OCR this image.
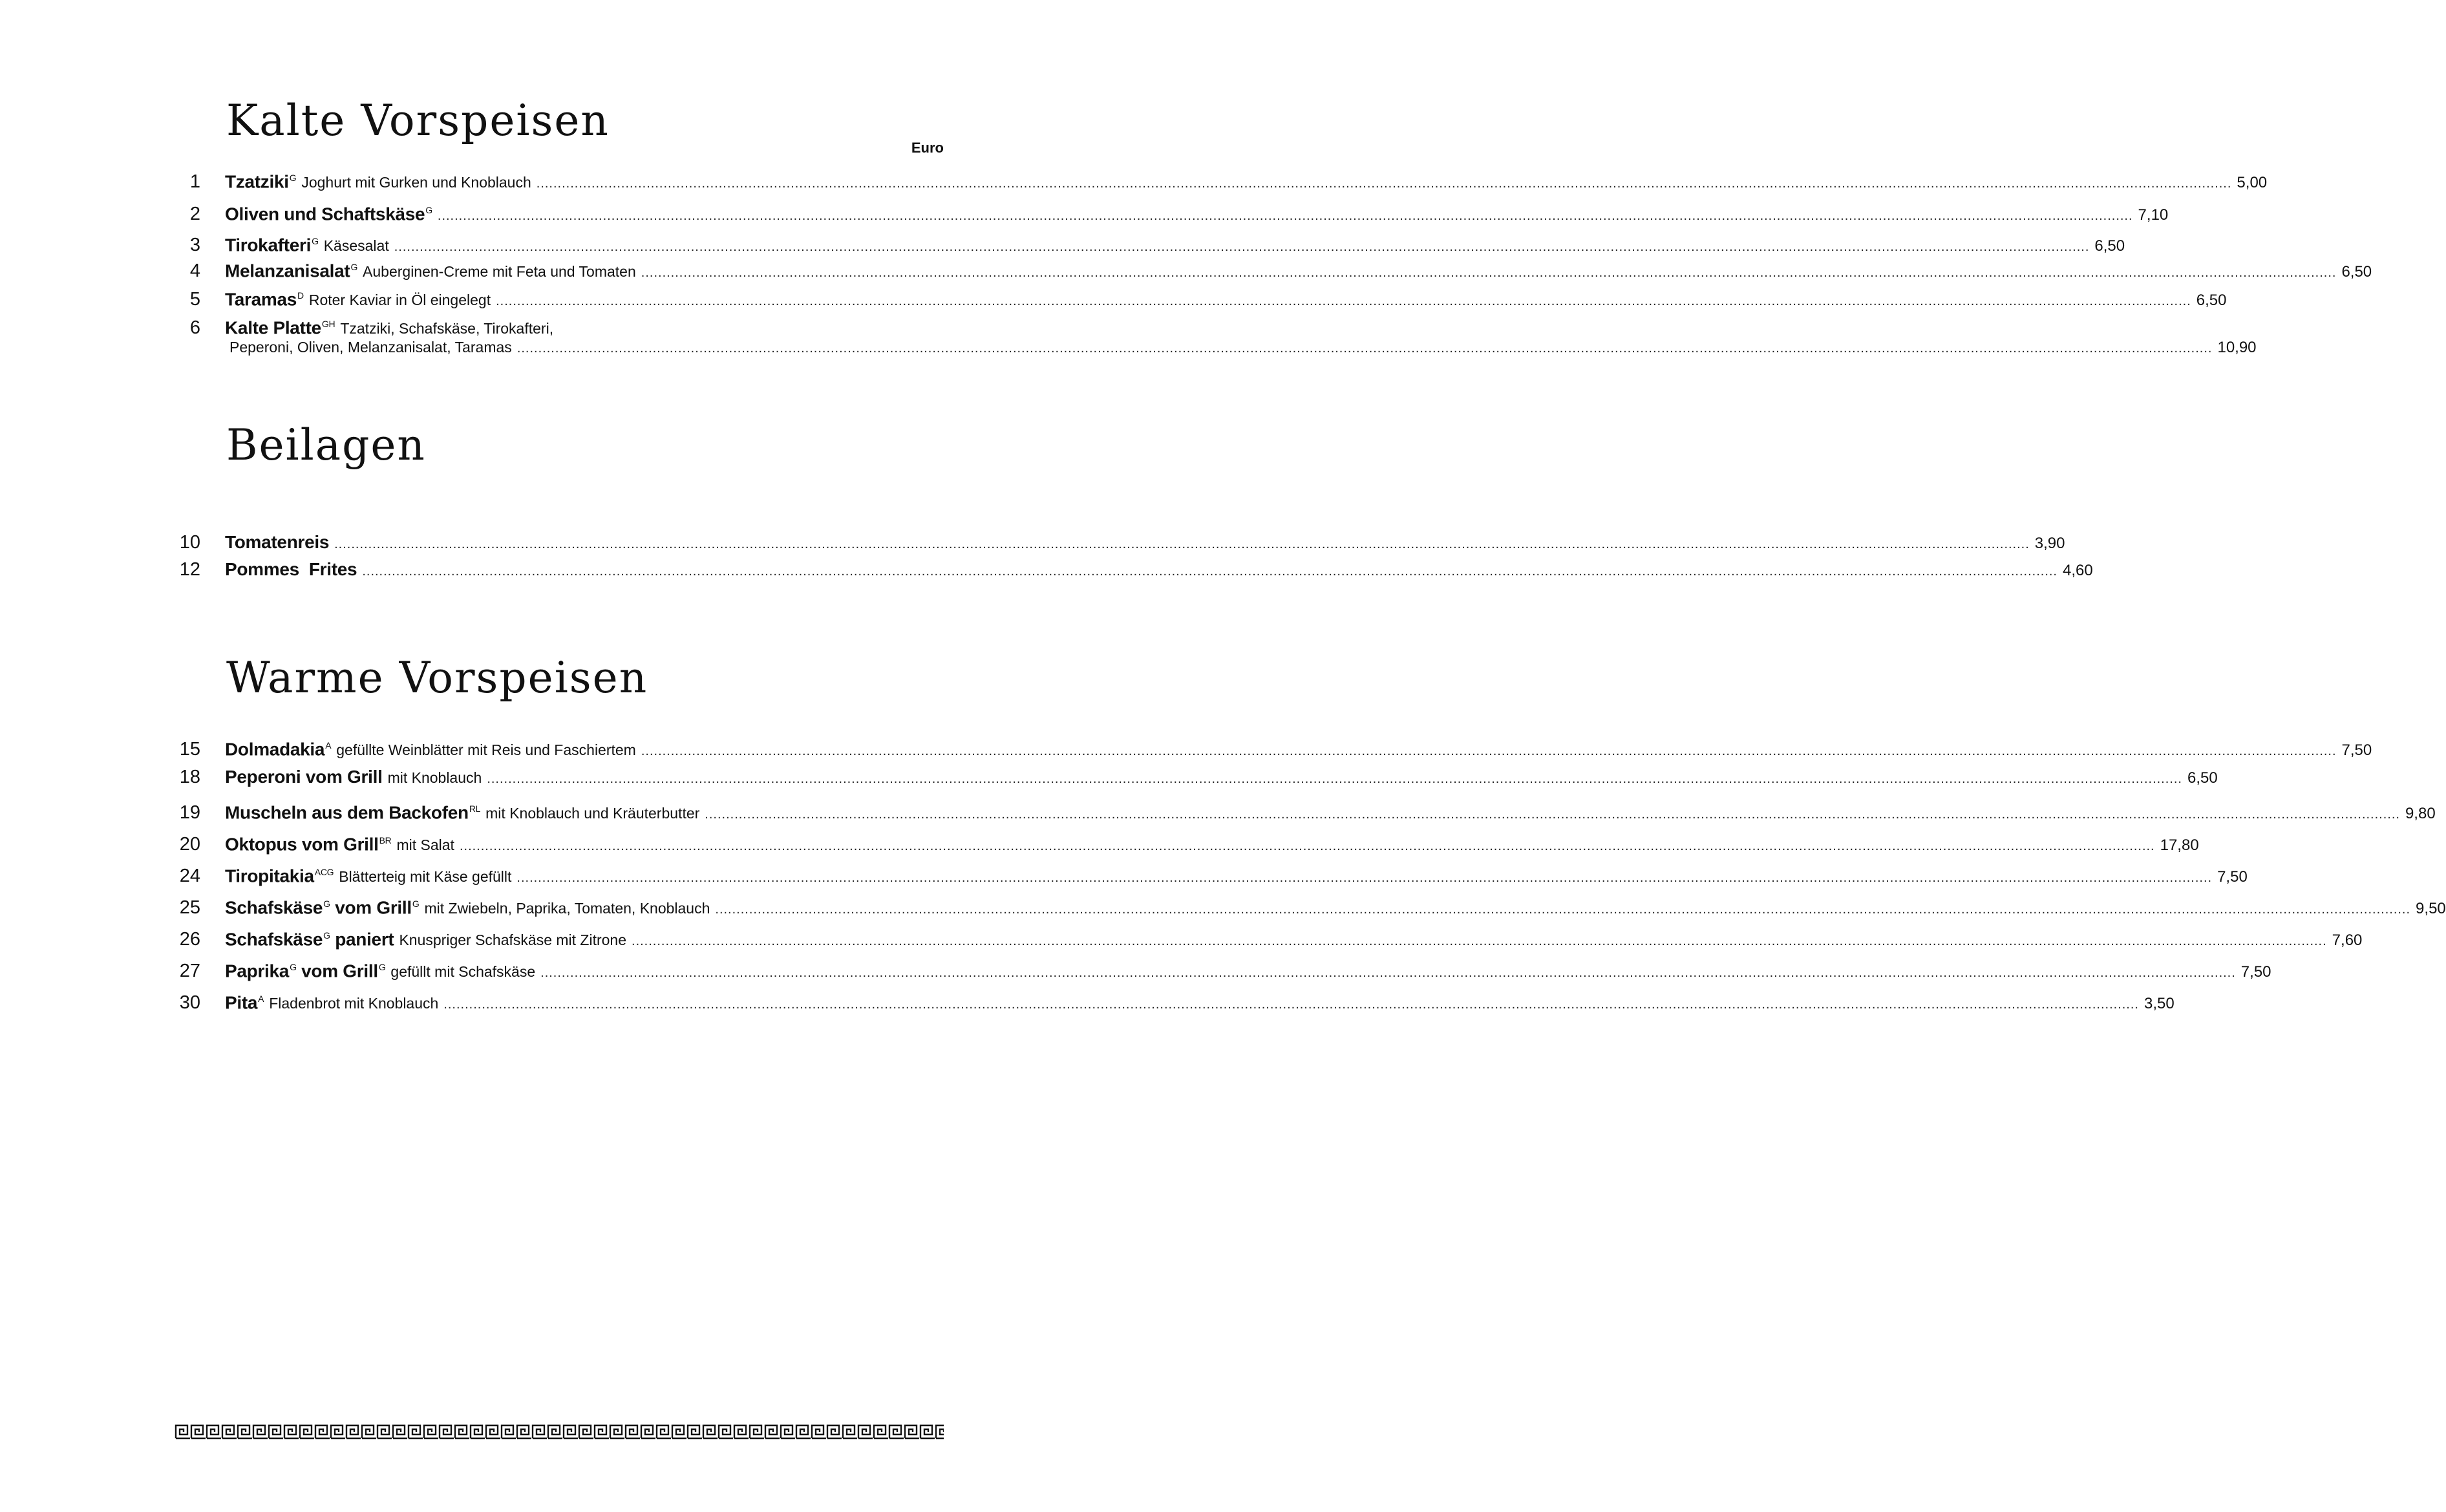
Kalte Vorspeisen
Euro
1	Tzatziki$^G$ Joghurt mit Gurken und Knoblauch ................................................................................................................................................................................................................................................................................................................................................................................................................ 5,00
2	Oliven und Schaftskäse$^G$ ................................................................................................................................................................................................................................................................................................................................................................................................................ 7,10
3	Tirokafteri$^G$ Käsesalat ................................................................................................................................................................................................................................................................................................................................................................................................................ 6,50
4	Melanzanisalat$^G$ Auberginen-Creme mit Feta und Tomaten ................................................................................................................................................................................................................................................................................................................................................................................................................ 6,50
5	Taramas$^D$ Roter Kaviar in Öl eingelegt ................................................................................................................................................................................................................................................................................................................................................................................................................ 6,50
6	Kalte Platte$^{GH}$ Tzatziki, Schafskäse, Tirokafteri,
Peperoni, Oliven, Melanzanisalat, Taramas ................................................................................................................................................................................................................................................................................................................................................................................................................ 10,90
Beilagen
10	Tomatenreis ................................................................................................................................................................................................................................................................................................................................................................................................................ 3,90
12	Pommes  Frites ................................................................................................................................................................................................................................................................................................................................................................................................................ 4,60
Warme Vorspeisen
15	Dolmadakia$^A$ gefüllte Weinblätter mit Reis und Faschiertem ................................................................................................................................................................................................................................................................................................................................................................................................................ 7,50
18	Peperoni vom Grill mit Knoblauch ................................................................................................................................................................................................................................................................................................................................................................................................................ 6,50
19	Muscheln aus dem Backofen$^{RL}$ mit Knoblauch und Kräuterbutter ................................................................................................................................................................................................................................................................................................................................................................................................................ 9,80
20	Oktopus vom Grill$^{BR}$ mit Salat ................................................................................................................................................................................................................................................................................................................................................................................................................ 17,80
24	Tiropitakia$^{ACG}$ Blätterteig mit Käse gefüllt ................................................................................................................................................................................................................................................................................................................................................................................................................ 7,50
25	Schafskäse$^G$ vom Grill$^G$ mit Zwiebeln, Paprika, Tomaten, Knoblauch ................................................................................................................................................................................................................................................................................................................................................................................................................ 9,50
26	Schafskäse$^G$ paniert Knuspriger Schafskäse mit Zitrone ................................................................................................................................................................................................................................................................................................................................................................................................................ 7,60
27	Paprika$^G$ vom Grill$^G$ gefüllt mit Schafskäse ................................................................................................................................................................................................................................................................................................................................................................................................................ 7,50
30	Pita$^A$ Fladenbrot mit Knoblauch ................................................................................................................................................................................................................................................................................................................................................................................................................ 3,50
